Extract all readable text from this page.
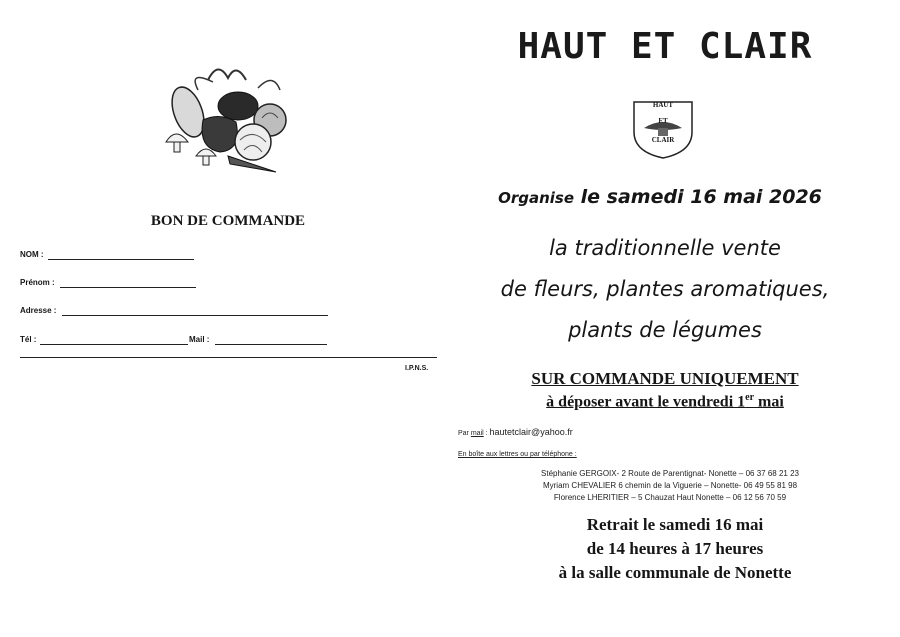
BON DE COMMANDE
NOM :
Prénom :
Adresse :
Tél :	Mail :
I.P.N.S.
HAUT ET CLAIR
HAUT
ET
CLAIR
Organise le samedi 16 mai 2026
la traditionnelle vente
de fleurs, plantes aromatiques,
plants de légumes
SUR COMMANDE UNIQUEMENT
à déposer avant le vendredi 1er mai
Par mail : hautetclair@yahoo.fr
En boîte aux lettres ou par téléphone :
Stéphanie GERGOIX- 2 Route de Parentignat- Nonette – 06 37 68 21 23
Myriam CHEVALIER 6 chemin de la Viguerie – Nonette- 06 49 55 81 98
Florence LHERITIER – 5 Chauzat Haut Nonette – 06 12 56 70 59
Retrait le samedi 16 mai
de 14 heures à 17 heures
à la salle communale de Nonette
